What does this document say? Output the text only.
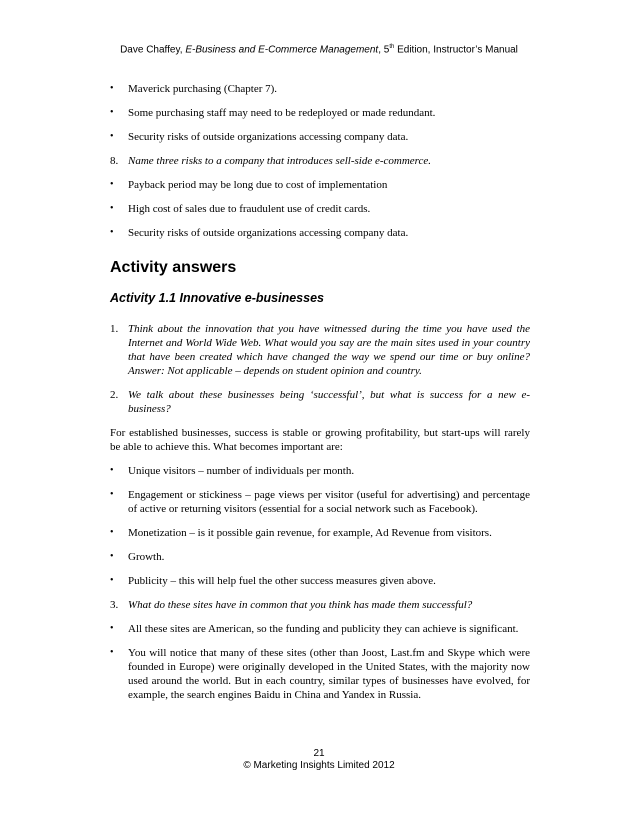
Dave Chaffey, E-Business and E-Commerce Management, 5th Edition, Instructor’s Manual
• Maverick purchasing (Chapter 7).
• Some purchasing staff may need to be redeployed or made redundant.
• Security risks of outside organizations accessing company data.
8. Name three risks to a company that introduces sell-side e-commerce.
• Payback period may be long due to cost of implementation
• High cost of sales due to fraudulent use of credit cards.
• Security risks of outside organizations accessing company data.
Activity answers
Activity 1.1 Innovative e-businesses
1. Think about the innovation that you have witnessed during the time you have used the Internet and World Wide Web. What would you say are the main sites used in your country that have been created which have changed the way we spend our time or buy online? Answer: Not applicable – depends on student opinion and country.
2. We talk about these businesses being ‘successful’, but what is success for a new e-business?
For established businesses, success is stable or growing profitability, but start-ups will rarely be able to achieve this. What becomes important are:
• Unique visitors – number of individuals per month.
• Engagement or stickiness – page views per visitor (useful for advertising) and percentage of active or returning visitors (essential for a social network such as Facebook).
• Monetization – is it possible gain revenue, for example, Ad Revenue from visitors.
• Growth.
• Publicity – this will help fuel the other success measures given above.
3. What do these sites have in common that you think has made them successful?
• All these sites are American, so the funding and publicity they can achieve is significant.
• You will notice that many of these sites (other than Joost, Last.fm and Skype which were founded in Europe) were originally developed in the United States, with the majority now used around the world. But in each country, similar types of businesses have evolved, for example, the search engines Baidu in China and Yandex in Russia.
21
© Marketing Insights Limited 2012
